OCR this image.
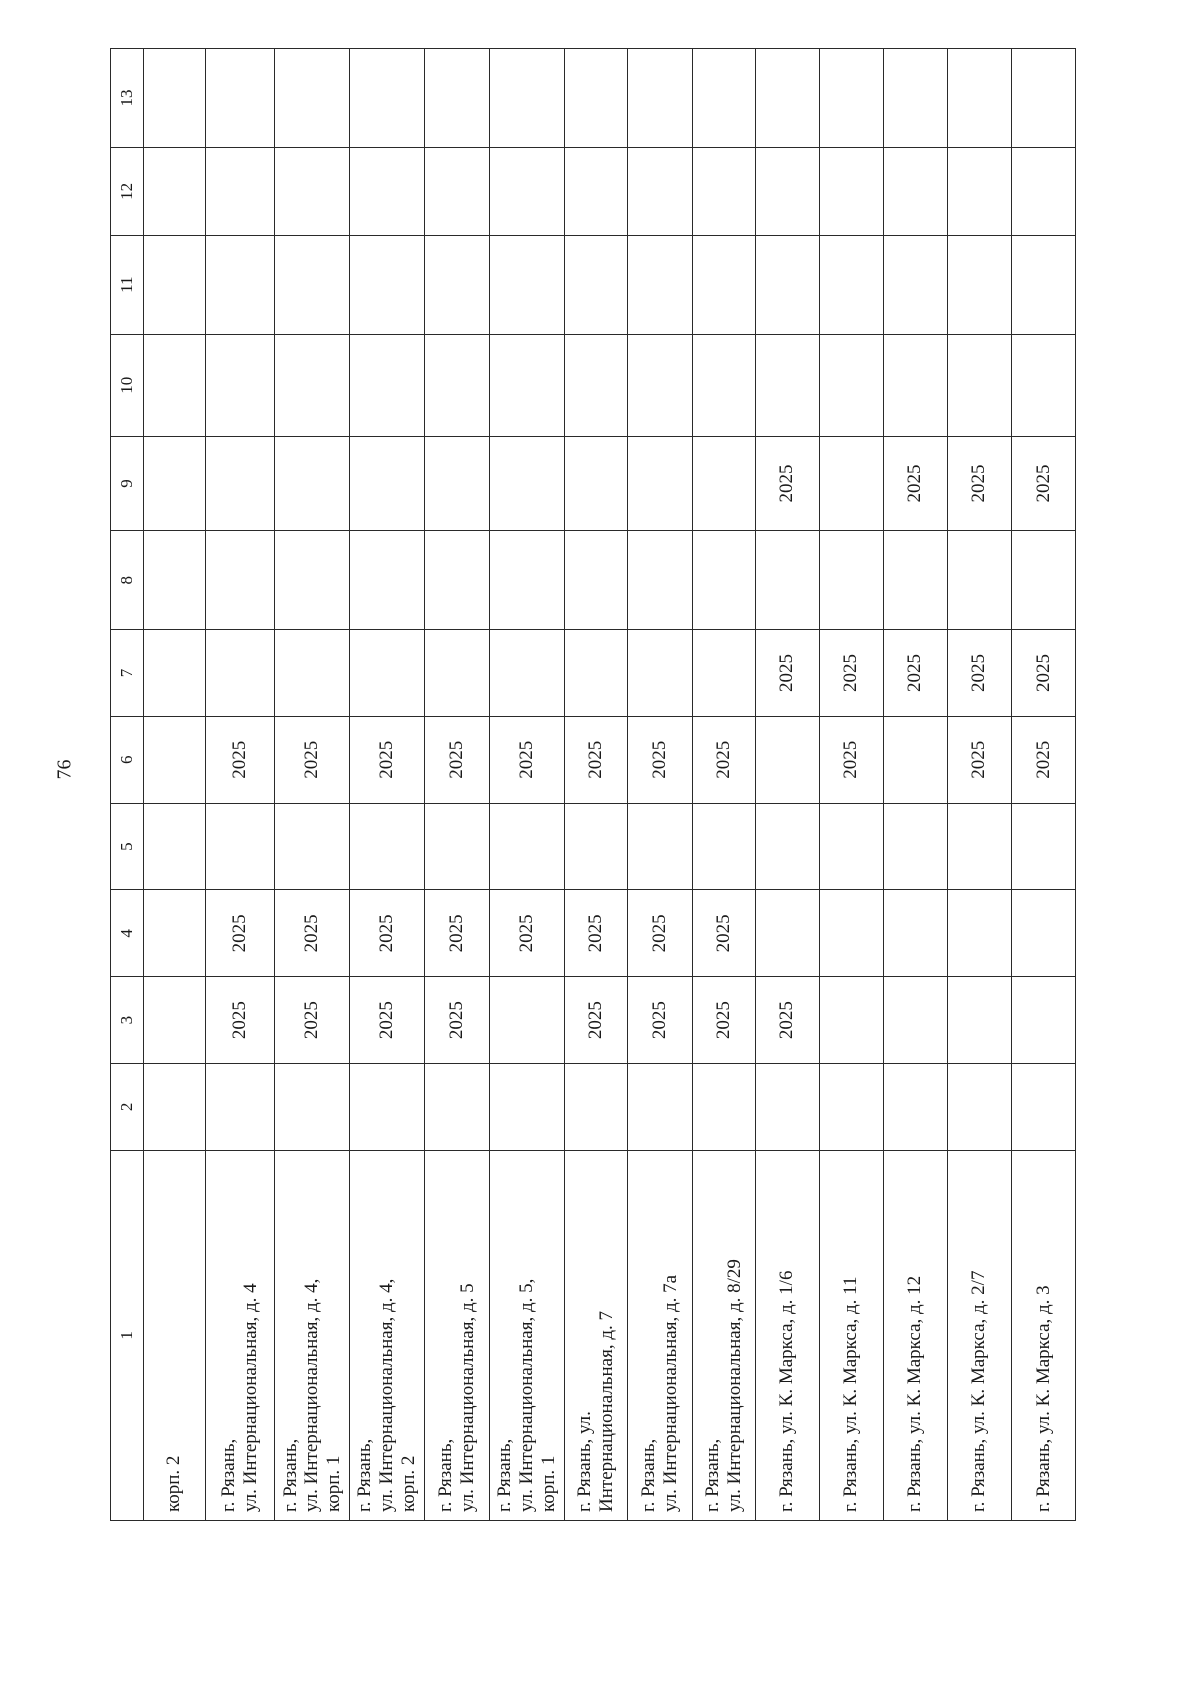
76
1	2	3	4	5	6	7	8	9	10	11	12	13
корп. 2												
г. Рязань,
ул. Интернациональная, д. 4		2025	2025		2025							
г. Рязань,
ул. Интернациональная, д. 4,
корп. 1		2025	2025		2025							
г. Рязань,
ул. Интернациональная, д. 4,
корп. 2		2025	2025		2025							
г. Рязань,
ул. Интернациональная, д. 5		2025	2025		2025							
г. Рязань,
ул. Интернациональная, д. 5,
корп. 1			2025		2025							
г. Рязань, ул.
Интернациональная, д. 7		2025	2025		2025							
г. Рязань,
ул. Интернациональная, д. 7а		2025	2025		2025							
г. Рязань,
ул. Интернациональная, д. 8/29		2025	2025		2025							
г. Рязань, ул. К. Маркса, д. 1/6		2025				2025		2025				
г. Рязань, ул. К. Маркса, д. 11					2025	2025						
г. Рязань, ул. К. Маркса, д. 12						2025		2025				
г. Рязань, ул. К. Маркса, д. 2/7					2025	2025		2025				
г. Рязань, ул. К. Маркса, д. 3					2025	2025		2025				
